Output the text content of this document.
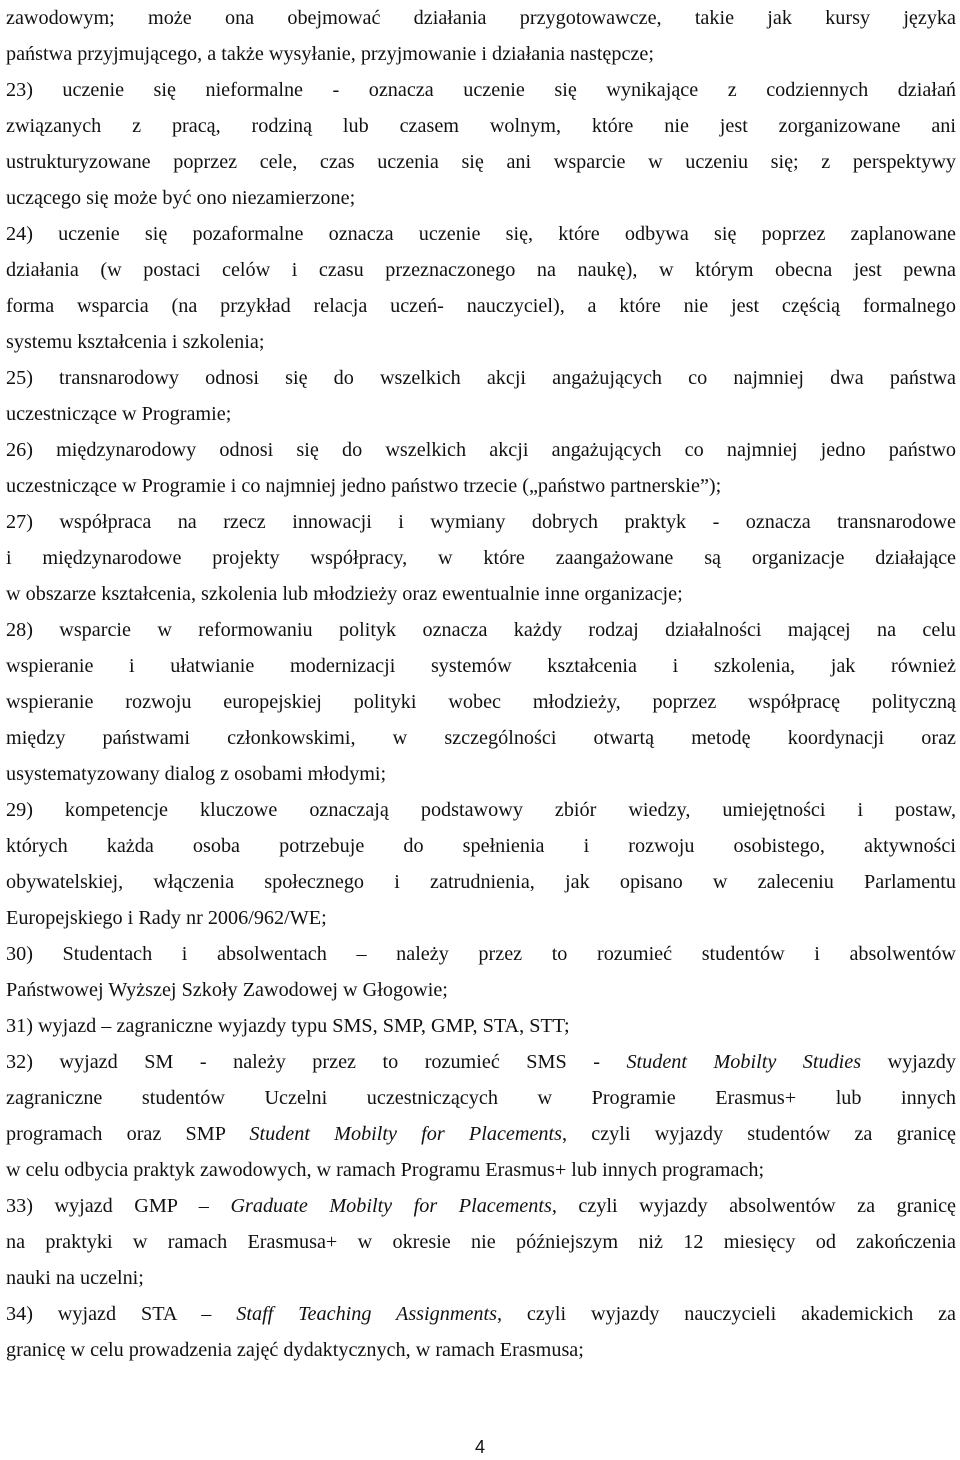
zawodowym; może ona obejmować działania przygotowawcze, takie jak kursy języka
państwa przyjmującego, a także wysyłanie, przyjmowanie i działania następcze;
23) uczenie się nieformalne - oznacza uczenie się wynikające z codziennych działań
związanych z pracą, rodziną lub czasem wolnym, które nie jest zorganizowane ani
ustrukturyzowane poprzez cele, czas uczenia się ani wsparcie w uczeniu się; z perspektywy
uczącego się może być ono niezamierzone;
24) uczenie się pozaformalne oznacza uczenie się, które odbywa się poprzez zaplanowane
działania (w postaci celów i czasu przeznaczonego na naukę), w którym obecna jest pewna
forma wsparcia (na przykład relacja uczeń- nauczyciel), a które nie jest częścią formalnego
systemu kształcenia i szkolenia;
25) transnarodowy odnosi się do wszelkich akcji angażujących co najmniej dwa państwa
uczestniczące w Programie;
26) międzynarodowy odnosi się do wszelkich akcji angażujących co najmniej jedno państwo
uczestniczące w Programie i co najmniej jedno państwo trzecie („państwo partnerskie”);
27) współpraca na rzecz innowacji i wymiany dobrych praktyk - oznacza transnarodowe
i międzynarodowe projekty współpracy, w które zaangażowane są organizacje działające
w obszarze kształcenia, szkolenia lub młodzieży oraz ewentualnie inne organizacje;
28) wsparcie w reformowaniu polityk oznacza każdy rodzaj działalności mającej na celu
wspieranie i ułatwianie modernizacji systemów kształcenia i szkolenia, jak również
wspieranie rozwoju europejskiej polityki wobec młodzieży, poprzez współpracę polityczną
między państwami członkowskimi, w szczególności otwartą metodę koordynacji oraz
usystematyzowany dialog z osobami młodymi;
29) kompetencje kluczowe oznaczają podstawowy zbiór wiedzy, umiejętności i postaw,
których każda osoba potrzebuje do spełnienia i rozwoju osobistego, aktywności
obywatelskiej, włączenia społecznego i zatrudnienia, jak opisano w zaleceniu Parlamentu
Europejskiego i Rady nr 2006/962/WE;
30) Studentach i absolwentach – należy przez to rozumieć studentów i absolwentów
Państwowej Wyższej Szkoły Zawodowej w Głogowie;
31) wyjazd – zagraniczne wyjazdy typu SMS, SMP, GMP, STA, STT;
32) wyjazd SM - należy przez to rozumieć SMS - Student Mobilty Studies wyjazdy
zagraniczne studentów Uczelni uczestniczących w Programie Erasmus+ lub innych
programach oraz SMP Student Mobilty for Placements, czyli wyjazdy studentów za granicę
w celu odbycia praktyk zawodowych, w ramach Programu Erasmus+ lub innych programach;
33) wyjazd GMP – Graduate Mobilty for Placements, czyli wyjazdy absolwentów za granicę
na praktyki w ramach Erasmusa+ w okresie nie późniejszym niż 12 miesięcy od zakończenia
nauki na uczelni;
34) wyjazd STA – Staff Teaching Assignments, czyli wyjazdy nauczycieli akademickich za
granicę w celu prowadzenia zajęć dydaktycznych, w ramach Erasmusa;
4
